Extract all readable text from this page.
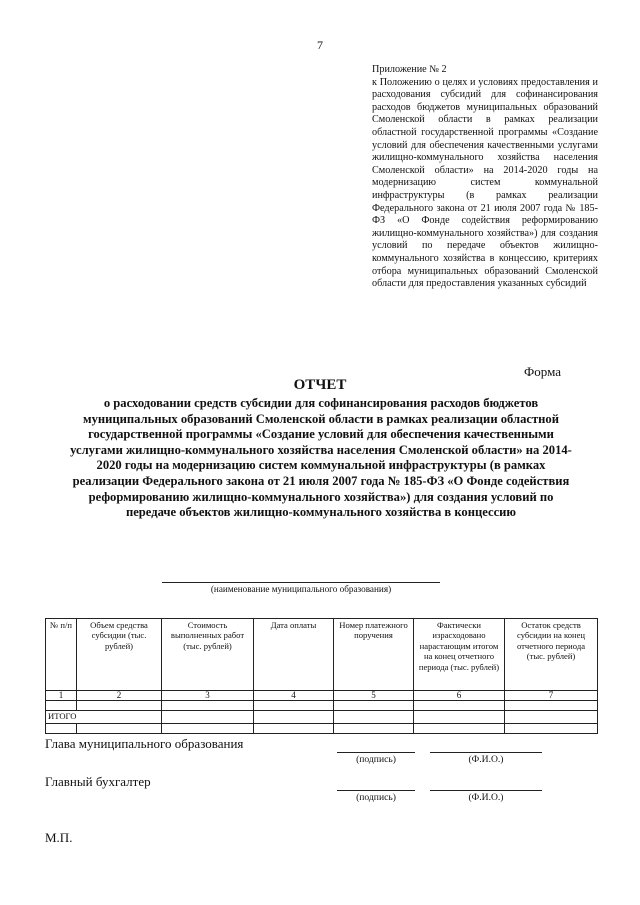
7
Приложение № 2
к Положению о целях и условиях предоставления и расходования субсидий для софинансирования расходов бюджетов муниципальных образований Смоленской области в рамках реализации областной государственной программы «Создание условий для обеспечения качественными услугами жилищно-коммунального хозяйства населения Смоленской области» на 2014-2020 годы на модернизацию систем коммунальной инфраструктуры (в рамках реализации Федерального закона от 21 июля 2007 года № 185-ФЗ «О Фонде содействия реформированию жилищно-коммунального хозяйства») для создания условий по передаче объектов жилищно-коммунального хозяйства в концессию, критериях отбора муниципальных образований Смоленской области для предоставления указанных субсидий
Форма
ОТЧЕТ
о расходовании средств субсидии для софинансирования расходов бюджетов муниципальных образований Смоленской области в рамках реализации областной государственной программы «Создание условий для обеспечения качественными услугами жилищно-коммунального хозяйства населения Смоленской области» на 2014-2020 годы на модернизацию систем коммунальной инфраструктуры (в рамках реализации Федерального закона от 21 июля 2007 года № 185-ФЗ «О Фонде содействия реформированию жилищно-коммунального хозяйства») для создания условий по передаче объектов жилищно-коммунального хозяйства в концессию
(наименование муниципального образования)
№ п/п	Объем средства субсидии (тыс. рублей)	Стоимость выполненных работ (тыс. рублей)	Дата оплаты	Номер платежного поручения	Фактически израсходовано нарастающим итогом на конец отчетного периода (тыс. рублей)	Остаток средств субсидии на конец отчетного периода (тыс. рублей)
1	2	3	4	5	6	7

ИТОГО						

Глава муниципального образования
(подпись)	(Ф.И.О.)
Главный бухгалтер
(подпись)	(Ф.И.О.)
М.П.
